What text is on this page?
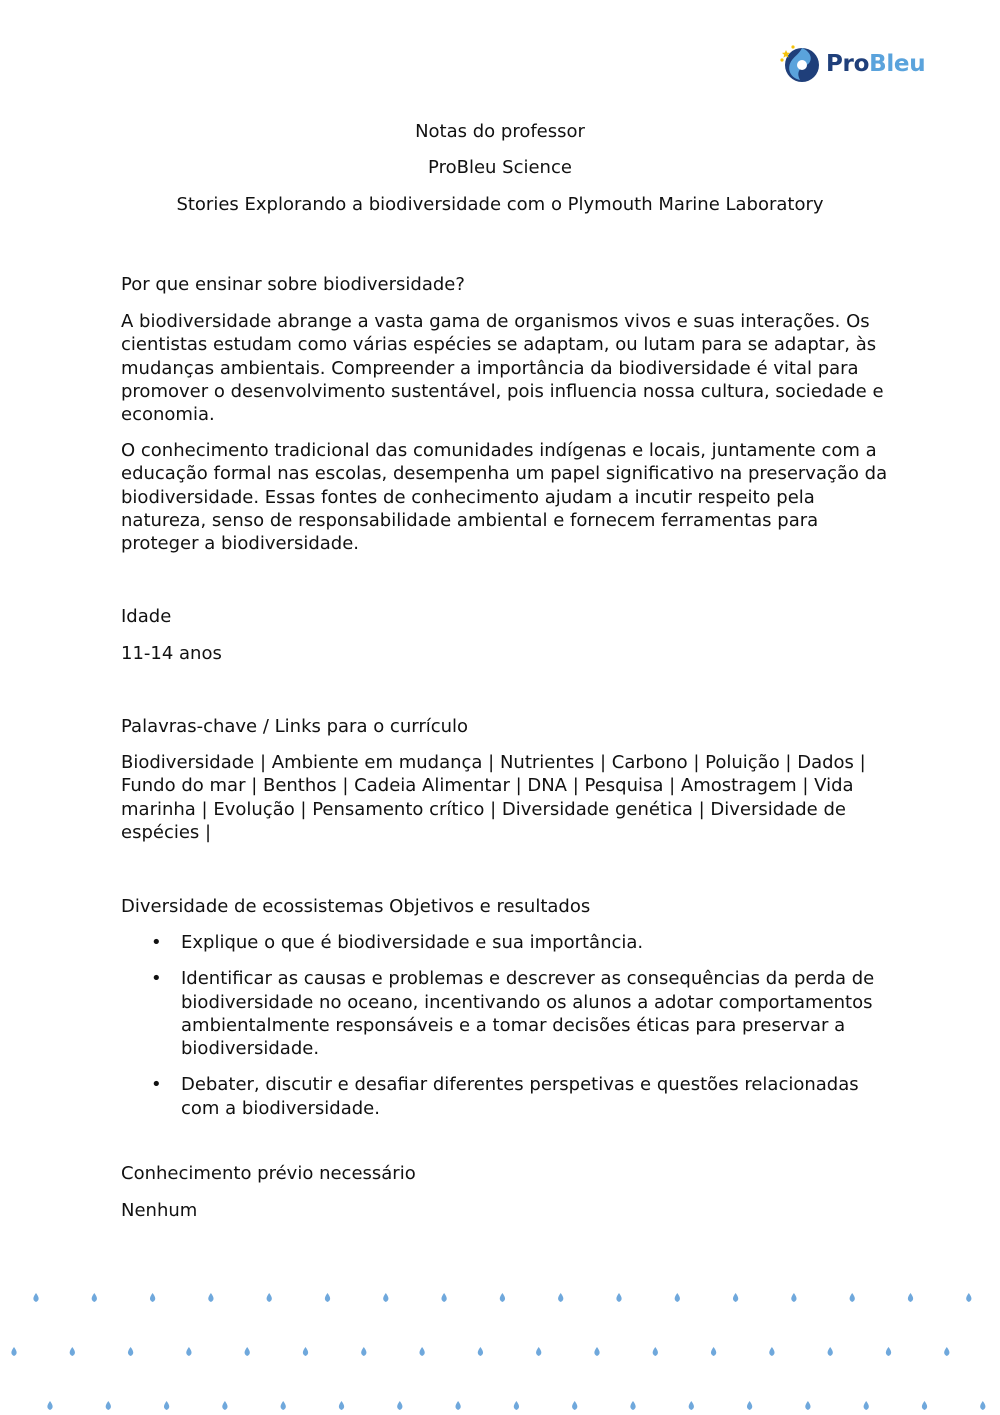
ProBleu
Notas do professor
ProBleu Science
Stories Explorando a biodiversidade com o Plymouth Marine Laboratory

Por que ensinar sobre biodiversidade?

A biodiversidade abrange a vasta gama de organismos vivos e suas interações. Os cientistas estudam como várias espécies se adaptam, ou lutam para se adaptar, às mudanças ambientais. Compreender a importância da biodiversidade é vital para promover o desenvolvimento sustentável, pois influencia nossa cultura, sociedade e economia.

O conhecimento tradicional das comunidades indígenas e locais, juntamente com a educação formal nas escolas, desempenha um papel significativo na preservação da biodiversidade. Essas fontes de conhecimento ajudam a incutir respeito pela natureza, senso de responsabilidade ambiental e fornecem ferramentas para proteger a biodiversidade.

Idade

11-14 anos

Palavras-chave / Links para o currículo

Biodiversidade | Ambiente em mudança | Nutrientes | Carbono | Poluição | Dados | Fundo do mar | Benthos | Cadeia Alimentar | DNA | Pesquisa | Amostragem | Vida marinha | Evolução | Pensamento crítico | Diversidade genética | Diversidade de espécies |

Diversidade de ecossistemas Objetivos e resultados

• Explique o que é biodiversidade e sua importância.
• Identificar as causas e problemas e descrever as consequências da perda de biodiversidade no oceano, incentivando os alunos a adotar comportamentos ambientalmente responsáveis e a tomar decisões éticas para preservar a biodiversidade.
• Debater, discutir e desafiar diferentes perspetivas e questões relacionadas com a biodiversidade.

Conhecimento prévio necessário

Nenhum
